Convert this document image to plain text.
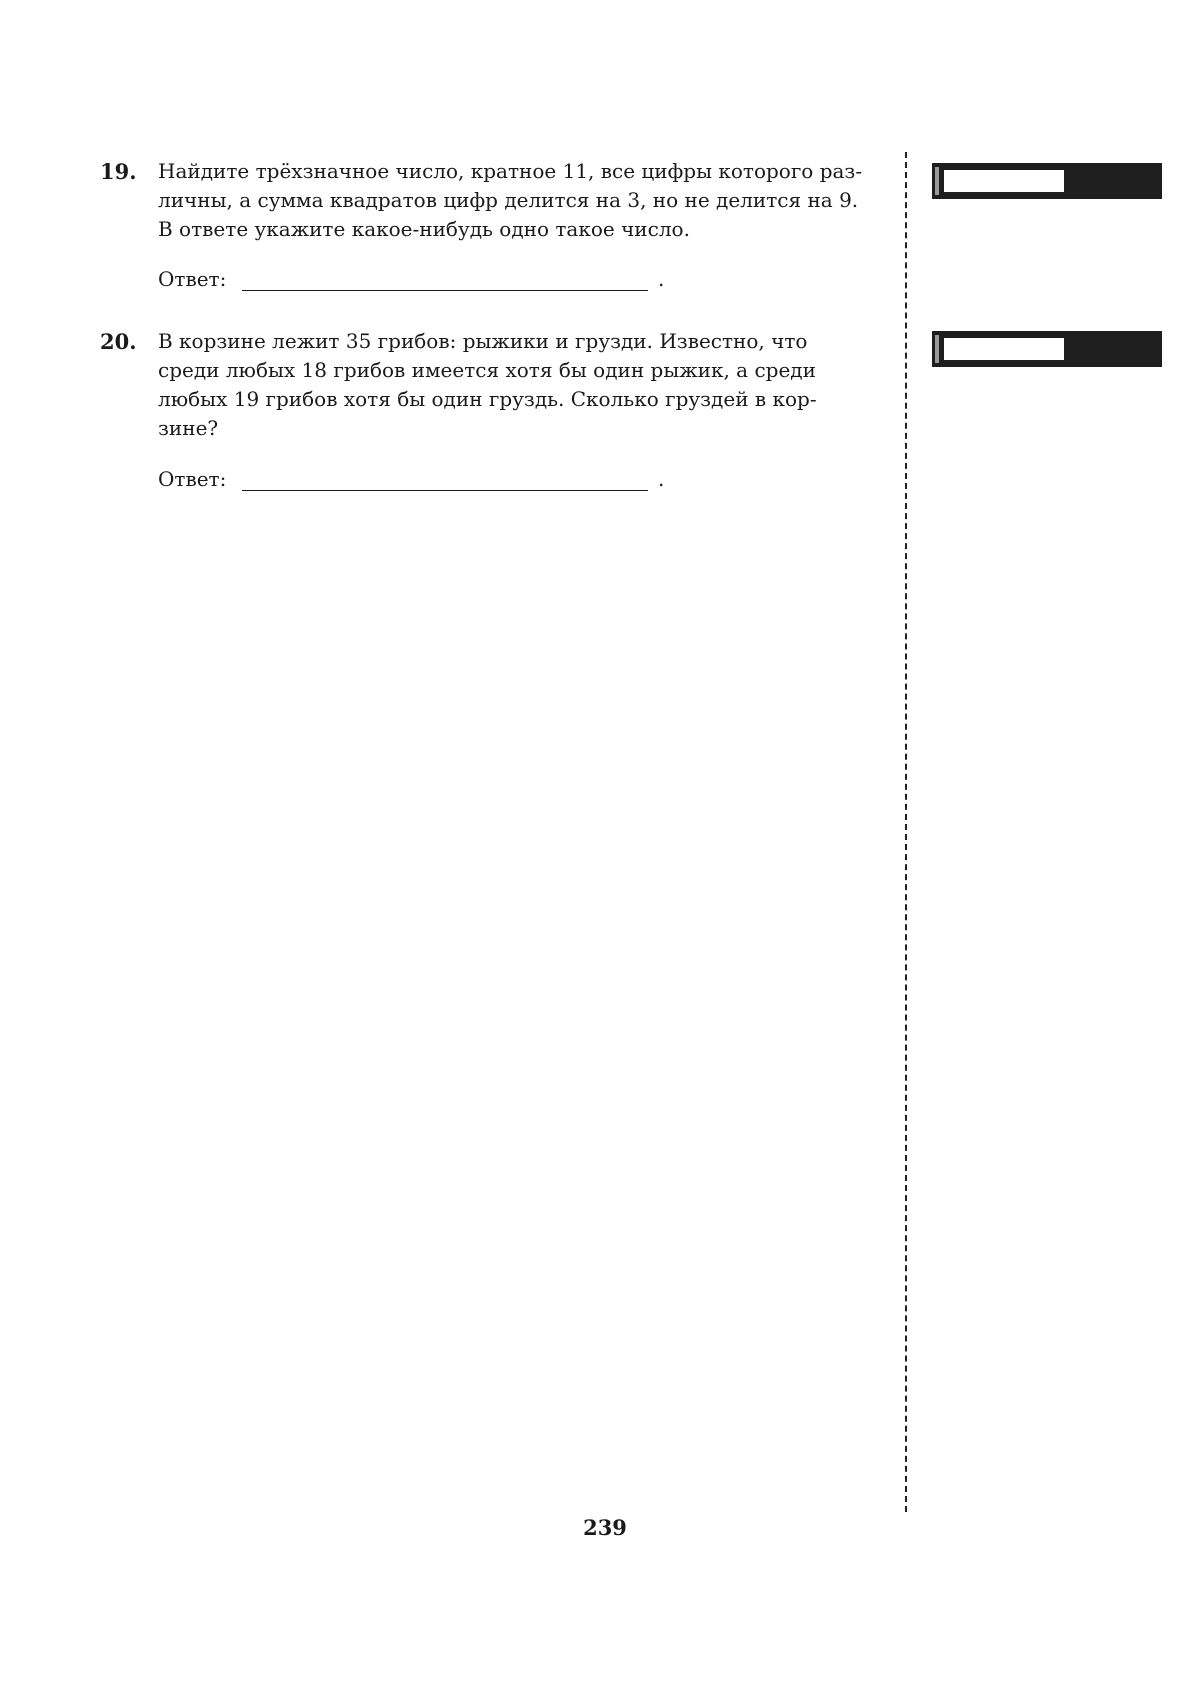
19. Найдите трёхзначное число, кратное 11, все цифры которого раз-
личны, а сумма квадратов цифр делится на 3, но не делится на 9.
В ответе укажите какое-нибудь одно такое число.
Ответ:	.
20. В корзине лежит 35 грибов: рыжики и грузди. Известно, что
среди любых 18 грибов имеется хотя бы один рыжик, а среди
любых 19 грибов хотя бы один груздь. Сколько груздей в кор-
зине?
Ответ:	.
239
